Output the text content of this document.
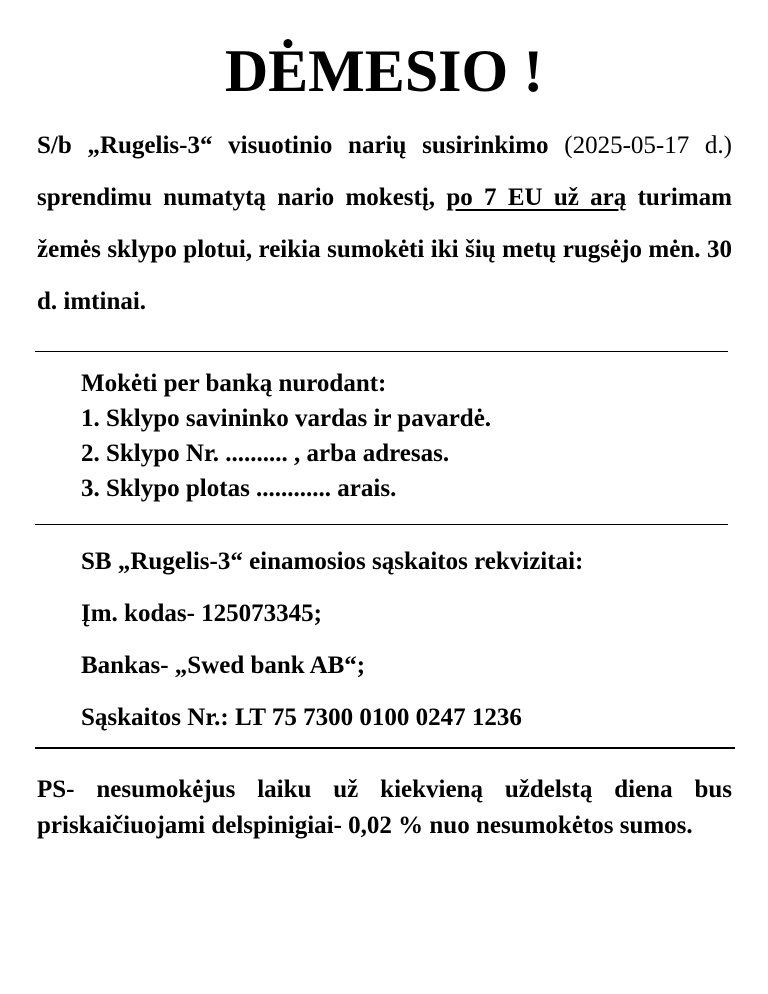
DĖMESIO !
S/b „Rugelis-3“ visuotinio narių susirinkimo (2025-05-17 d.) sprendimu numatytą nario mokestį, po 7 EU už arą turimam žemės sklypo plotui, reikia sumokėti iki šių metų rugsėjo mėn. 30 d. imtinai.
Mokėti per banką nurodant:
1. Sklypo savininko vardas ir pavardė.
2. Sklypo Nr. .......... , arba adresas.
3. Sklypo plotas ............ arais.
SB „Rugelis-3“ einamosios sąskaitos rekvizitai:
Įm. kodas- 125073345;
Bankas- „Swed bank AB“;
Sąskaitos Nr.: LT 75 7300 0100 0247 1236
PS- nesumokėjus laiku už kiekvieną uždelstą diena bus priskaičiuojami delspinigiai- 0,02 % nuo nesumokėtos sumos.
